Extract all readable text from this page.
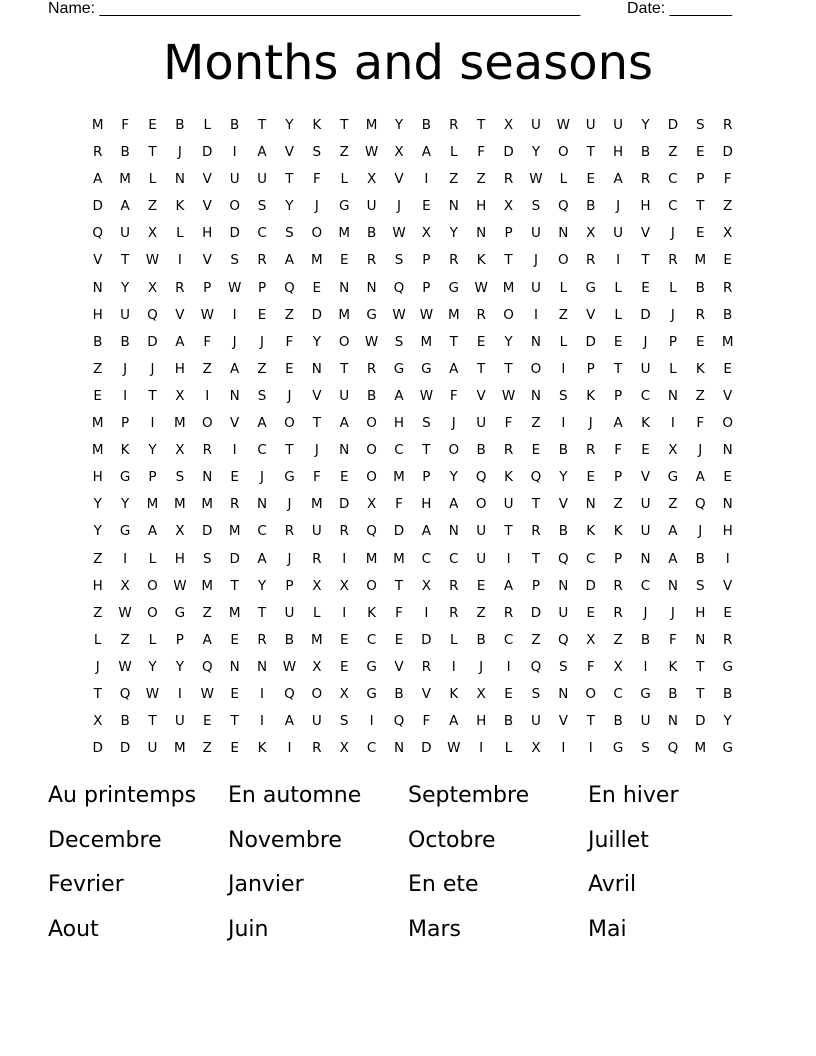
Name: ______________________________________________________	Date: _______
Months and seasons
M	F	E	B	L	B	T	Y	K	T	M	Y	B	R	T	X	U	W	U	U	Y	D	S	R
R	B	T	J	D	I	A	V	S	Z	W	X	A	L	F	D	Y	O	T	H	B	Z	E	D
A	M	L	N	V	U	U	T	F	L	X	V	I	Z	Z	R	W	L	E	A	R	C	P	F
D	A	Z	K	V	O	S	Y	J	G	U	J	E	N	H	X	S	Q	B	J	H	C	T	Z
Q	U	X	L	H	D	C	S	O	M	B	W	X	Y	N	P	U	N	X	U	V	J	E	X
V	T	W	I	V	S	R	A	M	E	R	S	P	R	K	T	J	O	R	I	T	R	M	E
N	Y	X	R	P	W	P	Q	E	N	N	Q	P	G	W	M	U	L	G	L	E	L	B	R
H	U	Q	V	W	I	E	Z	D	M	G	W	W	M	R	O	I	Z	V	L	D	J	R	B
B	B	D	A	F	J	J	F	Y	O	W	S	M	T	E	Y	N	L	D	E	J	P	E	M
Z	J	J	H	Z	A	Z	E	N	T	R	G	G	A	T	T	O	I	P	T	U	L	K	E
E	I	T	X	I	N	S	J	V	U	B	A	W	F	V	W	N	S	K	P	C	N	Z	V
M	P	I	M	O	V	A	O	T	A	O	H	S	J	U	F	Z	I	J	A	K	I	F	O
M	K	Y	X	R	I	C	T	J	N	O	C	T	O	B	R	E	B	R	F	E	X	J	N
H	G	P	S	N	E	J	G	F	E	O	M	P	Y	Q	K	Q	Y	E	P	V	G	A	E
Y	Y	M	M	M	R	N	J	M	D	X	F	H	A	O	U	T	V	N	Z	U	Z	Q	N
Y	G	A	X	D	M	C	R	U	R	Q	D	A	N	U	T	R	B	K	K	U	A	J	H
Z	I	L	H	S	D	A	J	R	I	M	M	C	C	U	I	T	Q	C	P	N	A	B	I
H	X	O	W	M	T	Y	P	X	X	O	T	X	R	E	A	P	N	D	R	C	N	S	V
Z	W	O	G	Z	M	T	U	L	I	K	F	I	R	Z	R	D	U	E	R	J	J	H	E
L	Z	L	P	A	E	R	B	M	E	C	E	D	L	B	C	Z	Q	X	Z	B	F	N	R
J	W	Y	Y	Q	N	N	W	X	E	G	V	R	I	J	I	Q	S	F	X	I	K	T	G
T	Q	W	I	W	E	I	Q	O	X	G	B	V	K	X	E	S	N	O	C	G	B	T	B
X	B	T	U	E	T	I	A	U	S	I	Q	F	A	H	B	U	V	T	B	U	N	D	Y
D	D	U	M	Z	E	K	I	R	X	C	N	D	W	I	L	X	I	I	G	S	Q	M	G
Au printemps	En automne	Septembre	En hiver
Decembre	Novembre	Octobre	Juillet
Fevrier	Janvier	En ete	Avril
Aout	Juin	Mars	Mai
